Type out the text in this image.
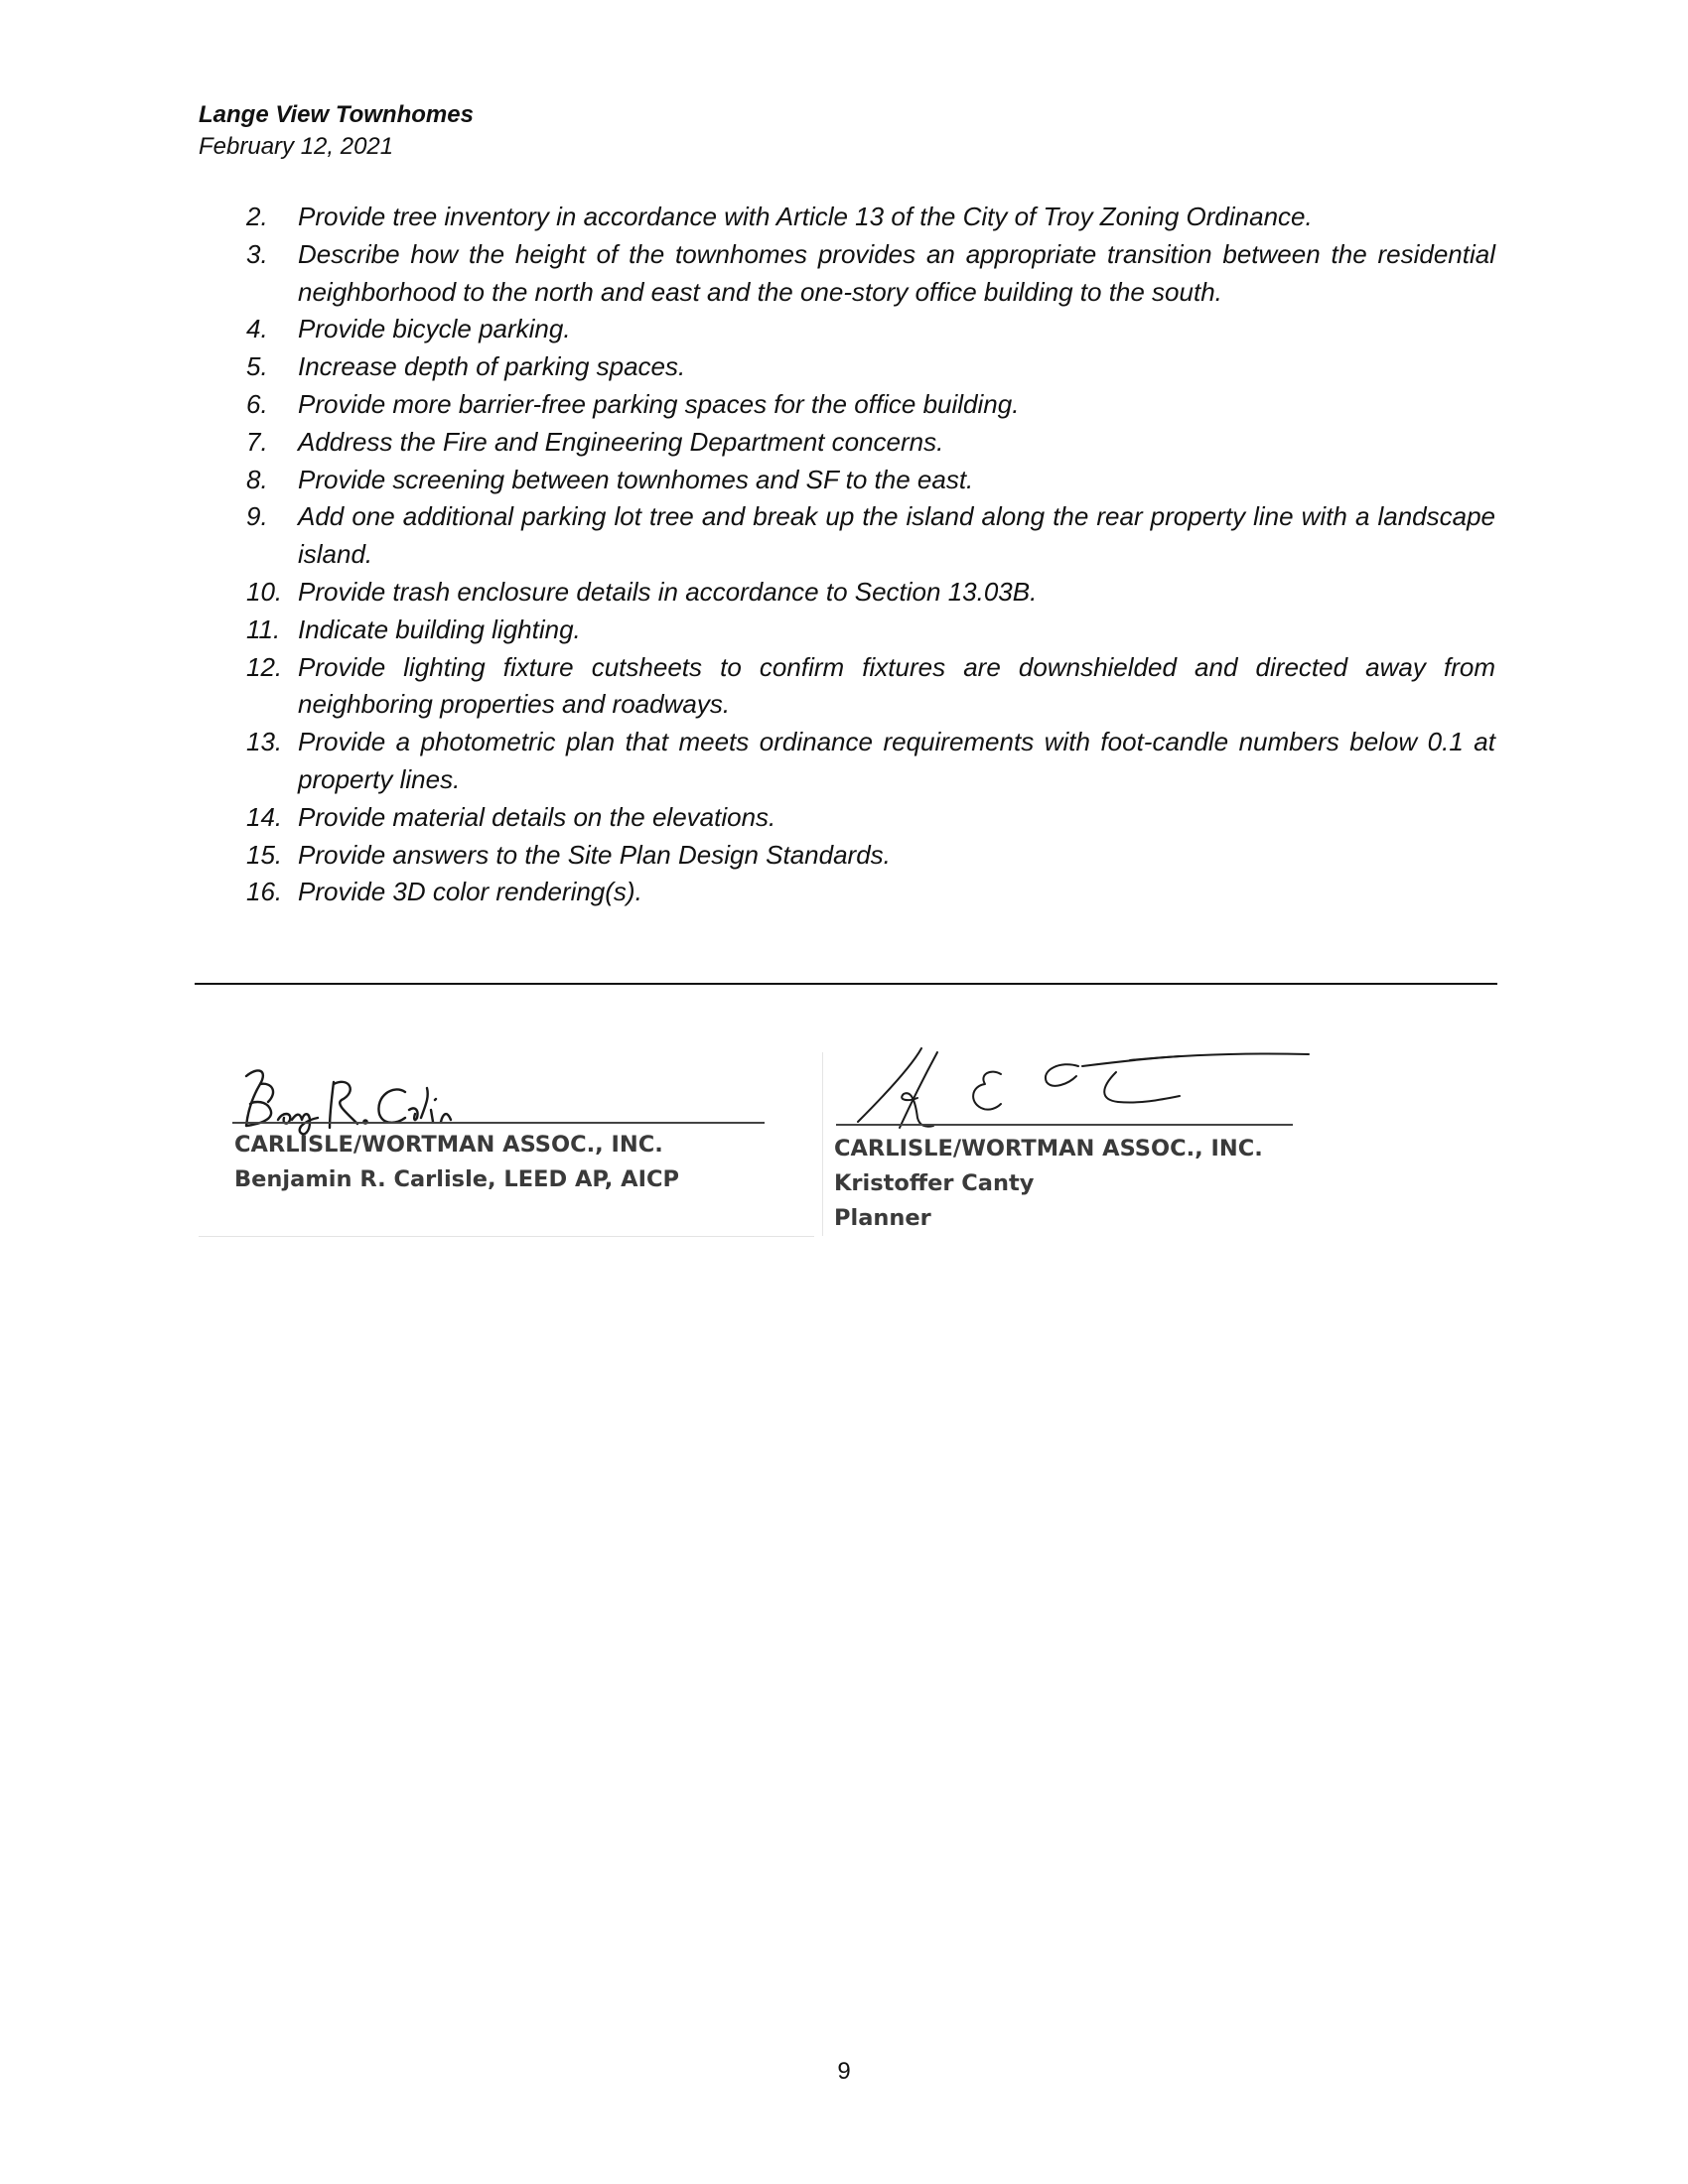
Lange View Townhomes
February 12, 2021
2.	Provide tree inventory in accordance with Article 13 of the City of Troy Zoning Ordinance.
3.	Describe how the height of the townhomes provides an appropriate transition between the residential neighborhood to the north and east and the one-story office building to the south.
4.	Provide bicycle parking.
5.	Increase depth of parking spaces.
6.	Provide more barrier-free parking spaces for the office building.
7.	Address the Fire and Engineering Department concerns.
8.	Provide screening between townhomes and SF to the east.
9.	Add one additional parking lot tree and break up the island along the rear property line with a landscape island.
10. Provide trash enclosure details in accordance to Section 13.03B.
11. Indicate building lighting.
12. Provide lighting fixture cutsheets to confirm fixtures are downshielded and directed away from neighboring properties and roadways.
13. Provide a photometric plan that meets ordinance requirements with foot-candle numbers below 0.1 at property lines.
14. Provide material details on the elevations.
15. Provide answers to the Site Plan Design Standards.
16. Provide 3D color rendering(s).
CARLISLE/WORTMAN ASSOC., INC.
Benjamin R. Carlisle, LEED AP, AICP
CARLISLE/WORTMAN ASSOC., INC.
Kristoffer Canty
Planner
9
